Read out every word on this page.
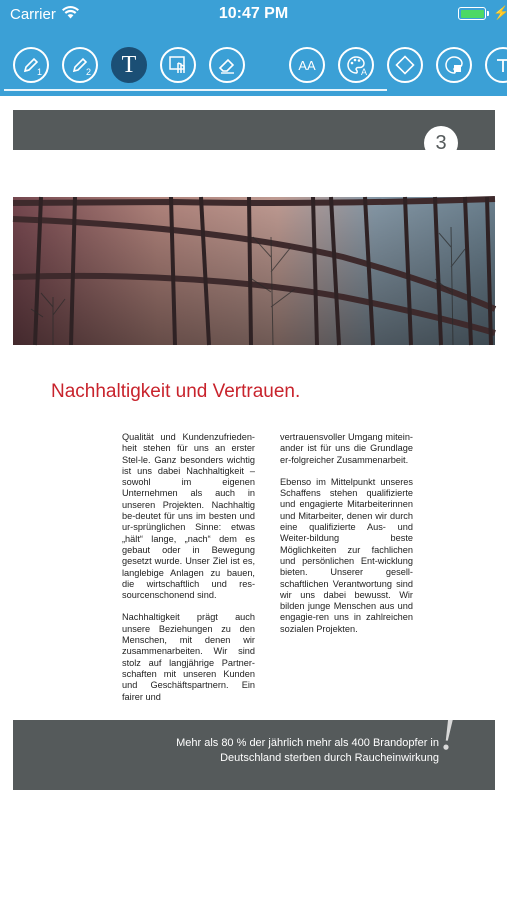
Carrier	10:47 PM	⚡
1	2	T	AA	A
3
Nachhaltigkeit und Vertrauen.

Qualität und Kundenzufrieden-heit stehen für uns an erster Stel-le. Ganz besonders wichtig ist uns dabei Nachhaltigkeit – sowohl im eigenen Unternehmen als auch in unseren Projekten. Nachhaltig be-deutet für uns im besten und ur-sprünglichen Sinne: etwas „hält“ lange, „nach“ dem es gebaut oder in Bewegung gesetzt wurde. Unser Ziel ist es, langlebige Anlagen zu bauen, die wirtschaftlich und res-sourcenschonend sind.

Nachhaltigkeit prägt auch unsere Beziehungen zu den Menschen, mit denen wir zusammenarbeiten. Wir sind stolz auf langjährige Partner-schaften mit unseren Kunden und Geschäftspartnern. Ein fairer und

vertrauensvoller Umgang mitein-ander ist für uns die Grundlage er-folgreicher Zusammenarbeit.

Ebenso im Mittelpunkt unseres Schaffens stehen qualifizierte und engagierte Mitarbeiterinnen und Mitarbeiter, denen wir durch eine qualifizierte Aus- und Weiter-bildung beste Möglichkeiten zur fachlichen und persönlichen Ent-wicklung bieten. Unserer gesell-schaftlichen Verantwortung sind wir uns dabei bewusst. Wir bilden junge Menschen aus und engagie-ren uns in zahlreichen sozialen Projekten.

Mehr als 80 % der jährlich mehr als 400 Brandopfer in
Deutschland sterben durch Raucheinwirkung !
